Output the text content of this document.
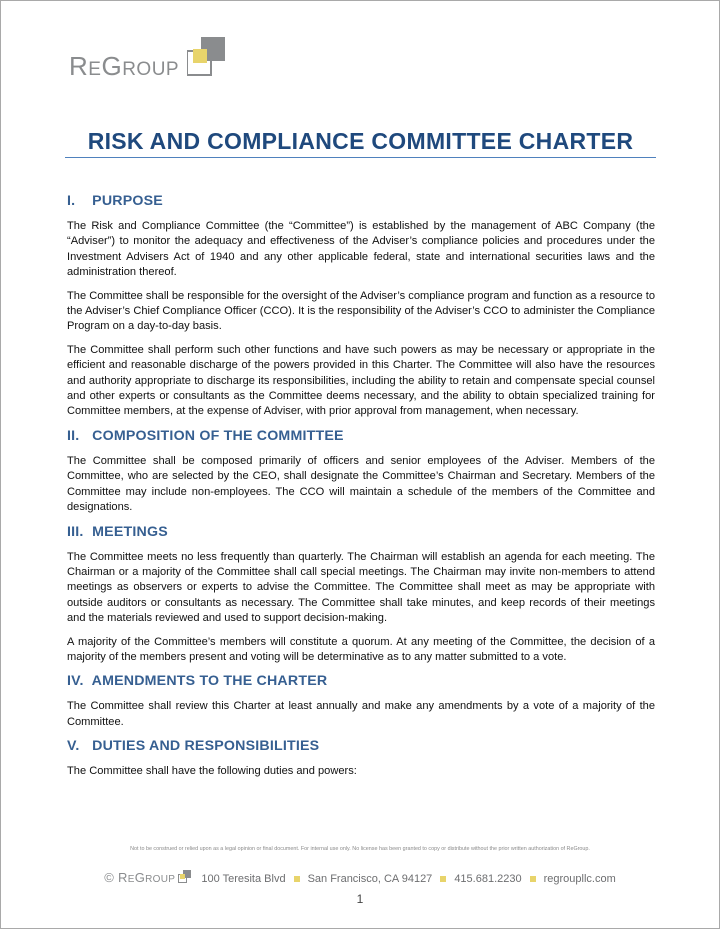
REGROUP
RISK AND COMPLIANCE COMMITTEE CHARTER
I. PURPOSE

The Risk and Compliance Committee (the “Committee”) is established by the management of ABC Company (the “Adviser”) to monitor the adequacy and effectiveness of the Adviser’s compliance policies and procedures under the Investment Advisers Act of 1940 and any other applicable federal, state and international securities laws and the administration thereof.

The Committee shall be responsible for the oversight of the Adviser’s compliance program and function as a resource to the Adviser’s Chief Compliance Officer (CCO). It is the responsibility of the Adviser’s CCO to administer the Compliance Program on a day-to-day basis.

The Committee shall perform such other functions and have such powers as may be necessary or appropriate in the efficient and reasonable discharge of the powers provided in this Charter. The Committee will also have the resources and authority appropriate to discharge its responsibilities, including the ability to retain and compensate special counsel and other experts or consultants as the Committee deems necessary, and the ability to obtain specialized training for Committee members, at the expense of Adviser, with prior approval from management, when necessary.

II. COMPOSITION OF THE COMMITTEE

The Committee shall be composed primarily of officers and senior employees of the Adviser. Members of the Committee, who are selected by the CEO, shall designate the Committee’s Chairman and Secretary. Members of the Committee may include non-employees. The CCO will maintain a schedule of the members of the Committee and designations.

III. MEETINGS

The Committee meets no less frequently than quarterly. The Chairman will establish an agenda for each meeting. The Chairman or a majority of the Committee shall call special meetings. The Chairman may invite non-members to attend meetings as observers or experts to advise the Committee. The Committee shall meet as may be appropriate with outside auditors or consultants as necessary. The Committee shall take minutes, and keep records of their meetings and the materials reviewed and used to support decision-making.

A majority of the Committee’s members will constitute a quorum. At any meeting of the Committee, the decision of a majority of the members present and voting will be determinative as to any matter submitted to a vote.

IV. AMENDMENTS TO THE CHARTER

The Committee shall review this Charter at least annually and make any amendments by a vote of a majority of the Committee.

V. DUTIES AND RESPONSIBILITIES

The Committee shall have the following duties and powers:

Not to be construed or relied upon as a legal opinion or final document. For internal use only. No license has been granted to copy or distribute without the prior written authorization of ReGroup.
© REGROUP 100 Teresita Blvd San Francisco, CA 94127 415.681.2230 regroupllc.com
1
